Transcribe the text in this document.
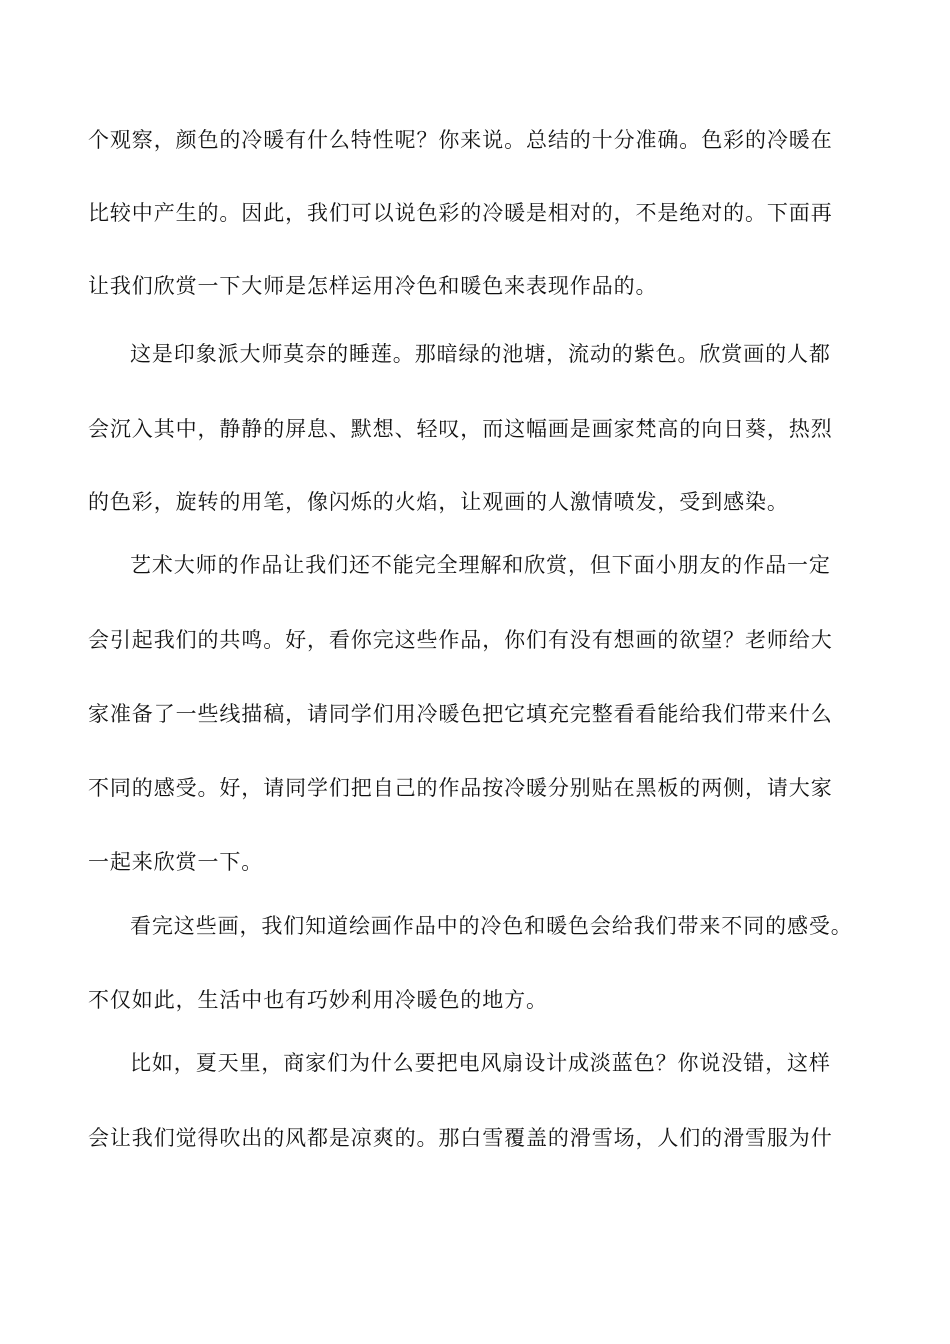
个观察，颜色的冷暖有什么特性呢？你来说。总结的十分准确。色彩的冷暖在
比较中产生的。因此，我们可以说色彩的冷暖是相对的，不是绝对的。下面再
让我们欣赏一下大师是怎样运用冷色和暖色来表现作品的。
这是印象派大师莫奈的睡莲。那暗绿的池塘，流动的紫色。欣赏画的人都
会沉入其中，静静的屏息、默想、轻叹，而这幅画是画家梵高的向日葵，热烈
的色彩，旋转的用笔，像闪烁的火焰，让观画的人激情喷发，受到感染。
艺术大师的作品让我们还不能完全理解和欣赏，但下面小朋友的作品一定
会引起我们的共鸣。好，看你完这些作品，你们有没有想画的欲望？老师给大
家准备了一些线描稿，请同学们用冷暖色把它填充完整看看能给我们带来什么
不同的感受。好，请同学们把自己的作品按冷暖分别贴在黑板的两侧，请大家
一起来欣赏一下。
看完这些画，我们知道绘画作品中的冷色和暖色会给我们带来不同的感受。
不仅如此，生活中也有巧妙利用冷暖色的地方。
比如，夏天里，商家们为什么要把电风扇设计成淡蓝色？你说没错，这样
会让我们觉得吹出的风都是凉爽的。那白雪覆盖的滑雪场，人们的滑雪服为什
